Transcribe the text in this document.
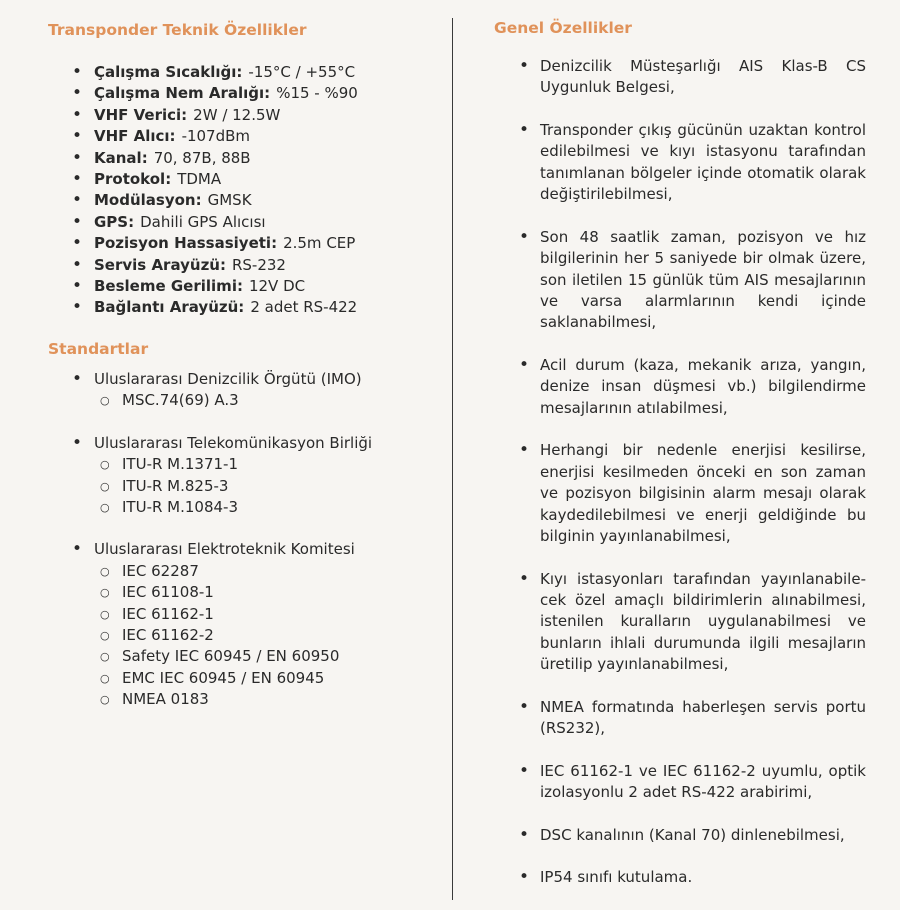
Transponder Teknik Özellikler
• Çalışma Sıcaklığı: -15°C / +55°C
• Çalışma Nem Aralığı: %15 - %90
• VHF Verici: 2W / 12.5W
• VHF Alıcı: -107dBm
• Kanal: 70, 87B, 88B
• Protokol: TDMA
• Modülasyon: GMSK
• GPS: Dahili GPS Alıcısı
• Pozisyon Hassasiyeti: 2.5m CEP
• Servis Arayüzü: RS-232
• Besleme Gerilimi: 12V DC
• Bağlantı Arayüzü: 2 adet RS-422
Standartlar
• Uluslararası Denizcilik Örgütü (IMO)
○ MSC.74(69) A.3
• Uluslararası Telekomünikasyon Birliği
○ ITU-R M.1371-1
○ ITU-R M.825-3
○ ITU-R M.1084-3
• Uluslararası Elektroteknik Komitesi
○ IEC 62287
○ IEC 61108-1
○ IEC 61162-1
○ IEC 61162-2
○ Safety IEC 60945 / EN 60950
○ EMC IEC 60945 / EN 60945
○ NMEA 0183
Genel Özellikler
• Denizcilik Müsteşarlığı AIS Klas-B CS Uygunluk Belgesi,
• Transponder çıkış gücünün uzaktan kontrol edilebilmesi ve kıyı istasyonu tarafından tanımlanan bölgeler içinde otomatik olarak değiştirilebilmesi,
• Son 48 saatlik zaman, pozisyon ve hız bilgilerinin her 5 saniyede bir olmak üzere, son iletilen 15 günlük tüm AIS mesajlarının ve varsa alarmlarının kendi içinde saklanabilmesi,
• Acil durum (kaza, mekanik arıza, yangın, denize insan düşmesi vb.) bilgilendirme mesajlarının atılabilmesi,
• Herhangi bir nedenle enerjisi kesilirse, enerjisi kesilmeden önceki en son zaman ve pozisyon bilgisinin alarm mesajı olarak kaydedilebilmesi ve enerji geldiğinde bu bilginin yayınlanabilmesi,
• Kıyı istasyonları tarafından yayınlanabile-cek özel amaçlı bildirimlerin alınabilmesi, istenilen kuralların uygulanabilmesi ve bunların ihlali durumunda ilgili mesajların üretilip yayınlanabilmesi,
• NMEA formatında haberleşen servis portu (RS232),
• IEC 61162-1 ve IEC 61162-2 uyumlu, optik izolasyonlu 2 adet RS-422 arabirimi,
• DSC kanalının (Kanal 70) dinlenebilmesi,
• IP54 sınıfı kutulama.
